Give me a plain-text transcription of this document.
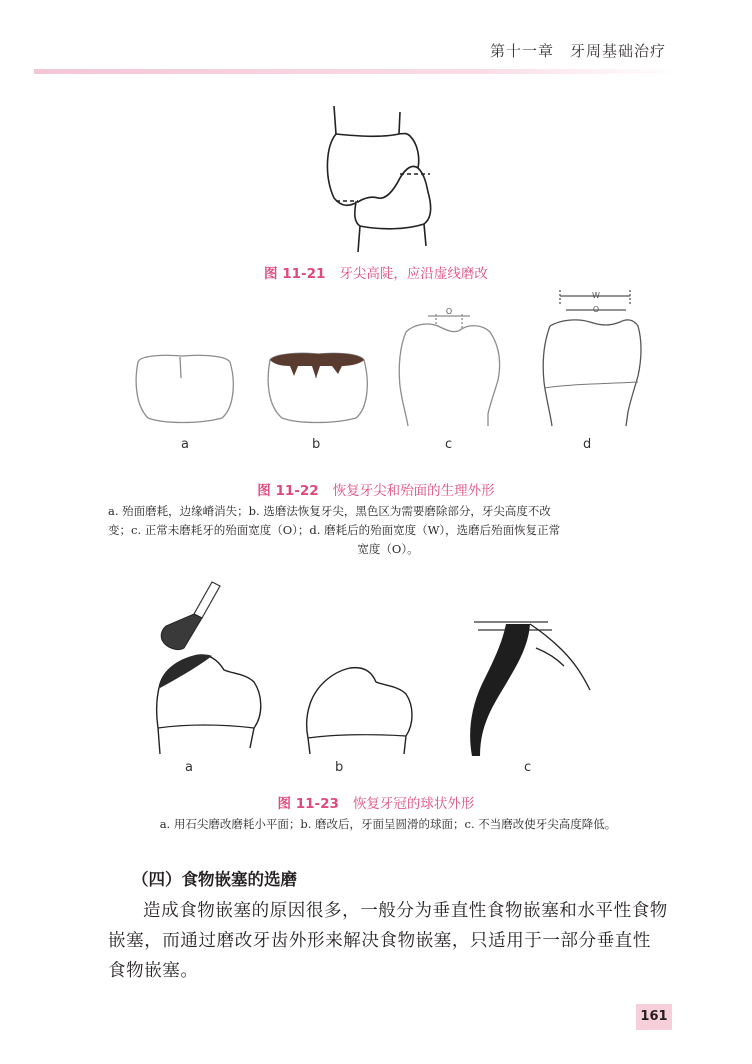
第十一章　牙周基础治疗
图 11-21 牙尖高陡，应沿虚线磨改
O
W
O
a	b	c	d
图 11-22 恢复牙尖和殆面的生理外形
a. 殆面磨耗，边缘嵴消失；b. 选磨法恢复牙尖，黑色区为需要磨除部分，牙尖高度不改
变；c. 正常未磨耗牙的殆面宽度（O）；d. 磨耗后的殆面宽度（W），选磨后殆面恢复正常
宽度（O）。
a	b	c
图 11-23 恢复牙冠的球状外形
a. 用石尖磨改磨耗小平面；b. 磨改后，牙面呈圆滑的球面；c. 不当磨改使牙尖高度降低。
（四）食物嵌塞的选磨
造成食物嵌塞的原因很多，一般分为垂直性食物嵌塞和水平性食物嵌塞，而通过磨改牙齿外形来解决食物嵌塞，只适用于一部分垂直性食物嵌塞。
161
